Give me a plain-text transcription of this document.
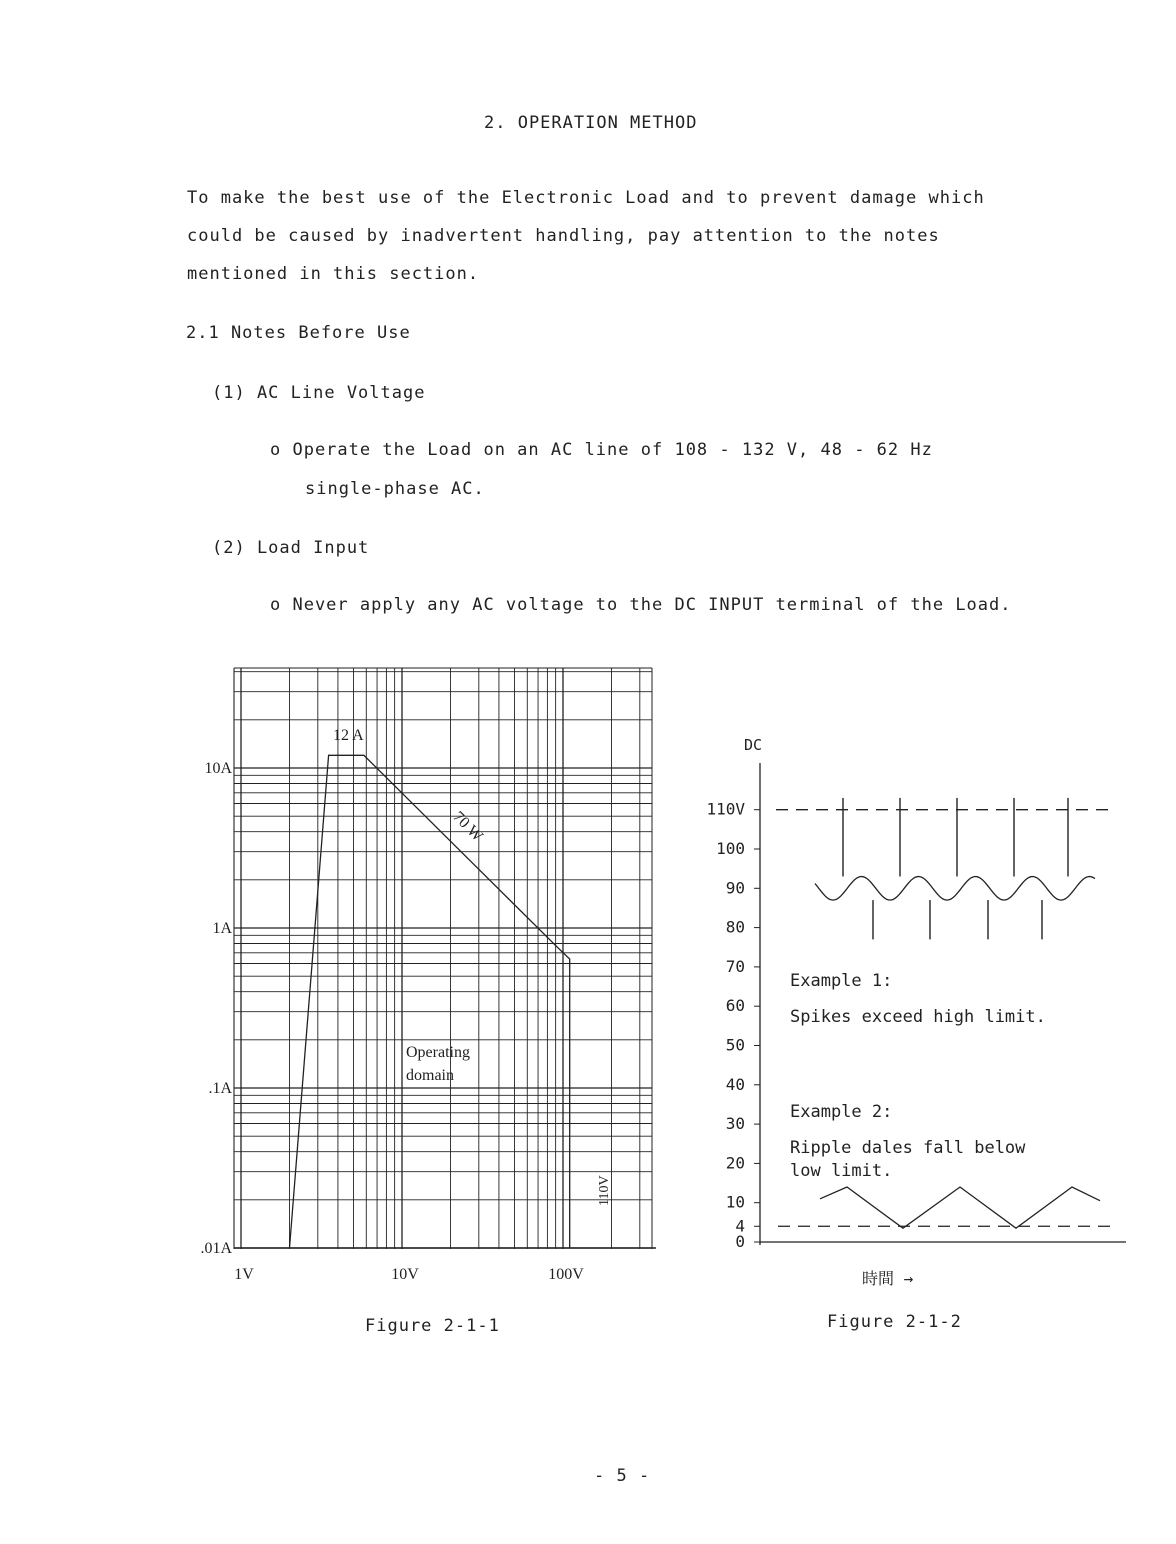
2. OPERATION METHOD
To make the best use of the Electronic Load and to prevent damage which
could be caused by inadvertent handling, pay attention to the notes
mentioned in this section.
2.1 Notes Before Use
(1) AC Line Voltage
o Operate the Load on an AC line of 108 - 132 V, 48 - 62 Hz
single-phase AC.
(2) Load Input
o Never apply any AC voltage to the DC INPUT terminal of the Load.
10A
1A
.1A
.01A
1V	10V	100V
12 A
70 W
110V
Operating
domain
110V
100
90
80
70
60
50
40
30
20
10
4
0
DC
時間 →
Example 1:
Spikes exceed high limit.
Example 2:
Ripple dales fall below
low limit.
Figure 2-1-1	Figure 2-1-2
- 5 -
